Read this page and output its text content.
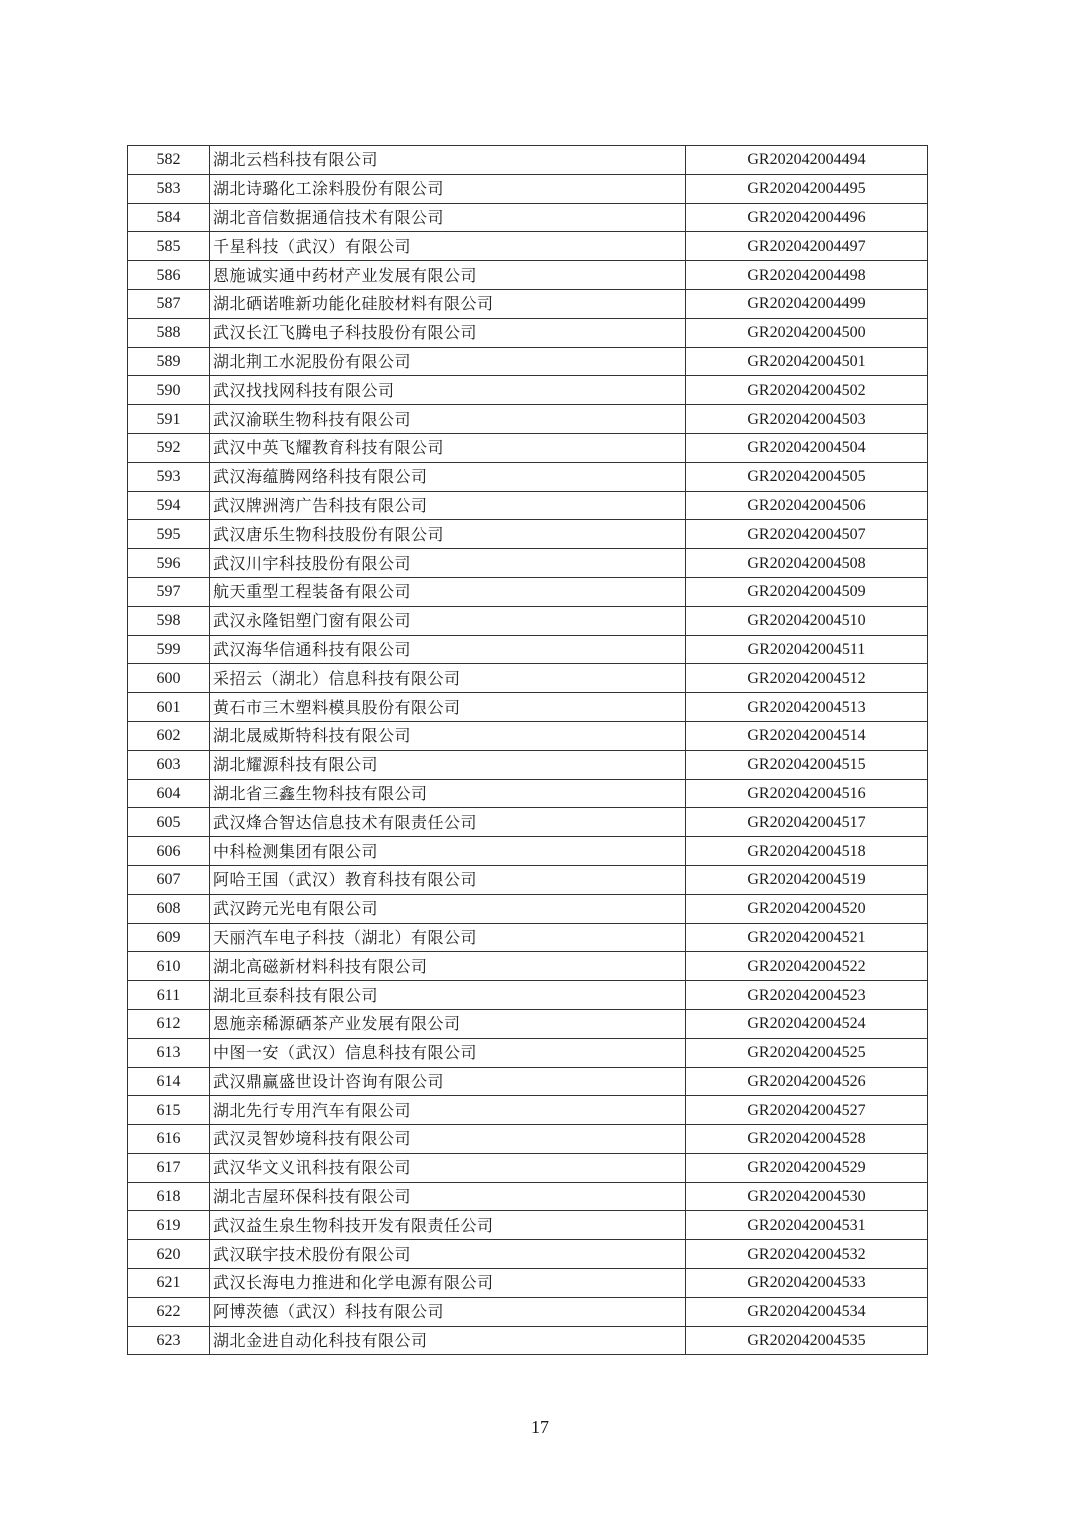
582	湖北云档科技有限公司	GR202042004494
583	湖北诗璐化工涂料股份有限公司	GR202042004495
584	湖北音信数据通信技术有限公司	GR202042004496
585	千星科技（武汉）有限公司	GR202042004497
586	恩施诚实通中药材产业发展有限公司	GR202042004498
587	湖北硒诺唯新功能化硅胶材料有限公司	GR202042004499
588	武汉长江飞腾电子科技股份有限公司	GR202042004500
589	湖北荆工水泥股份有限公司	GR202042004501
590	武汉找找网科技有限公司	GR202042004502
591	武汉渝联生物科技有限公司	GR202042004503
592	武汉中英飞耀教育科技有限公司	GR202042004504
593	武汉海蕴腾网络科技有限公司	GR202042004505
594	武汉牌洲湾广告科技有限公司	GR202042004506
595	武汉唐乐生物科技股份有限公司	GR202042004507
596	武汉川宇科技股份有限公司	GR202042004508
597	航天重型工程装备有限公司	GR202042004509
598	武汉永隆铝塑门窗有限公司	GR202042004510
599	武汉海华信通科技有限公司	GR202042004511
600	采招云（湖北）信息科技有限公司	GR202042004512
601	黄石市三木塑料模具股份有限公司	GR202042004513
602	湖北晟威斯特科技有限公司	GR202042004514
603	湖北耀源科技有限公司	GR202042004515
604	湖北省三鑫生物科技有限公司	GR202042004516
605	武汉烽合智达信息技术有限责任公司	GR202042004517
606	中科检测集团有限公司	GR202042004518
607	阿哈王国（武汉）教育科技有限公司	GR202042004519
608	武汉跨元光电有限公司	GR202042004520
609	天丽汽车电子科技（湖北）有限公司	GR202042004521
610	湖北高磁新材料科技有限公司	GR202042004522
611	湖北亘泰科技有限公司	GR202042004523
612	恩施亲稀源硒茶产业发展有限公司	GR202042004524
613	中图一安（武汉）信息科技有限公司	GR202042004525
614	武汉鼎赢盛世设计咨询有限公司	GR202042004526
615	湖北先行专用汽车有限公司	GR202042004527
616	武汉灵智妙境科技有限公司	GR202042004528
617	武汉华文义讯科技有限公司	GR202042004529
618	湖北吉屋环保科技有限公司	GR202042004530
619	武汉益生泉生物科技开发有限责任公司	GR202042004531
620	武汉联宇技术股份有限公司	GR202042004532
621	武汉长海电力推进和化学电源有限公司	GR202042004533
622	阿博茨德（武汉）科技有限公司	GR202042004534
623	湖北金进自动化科技有限公司	GR202042004535
17
